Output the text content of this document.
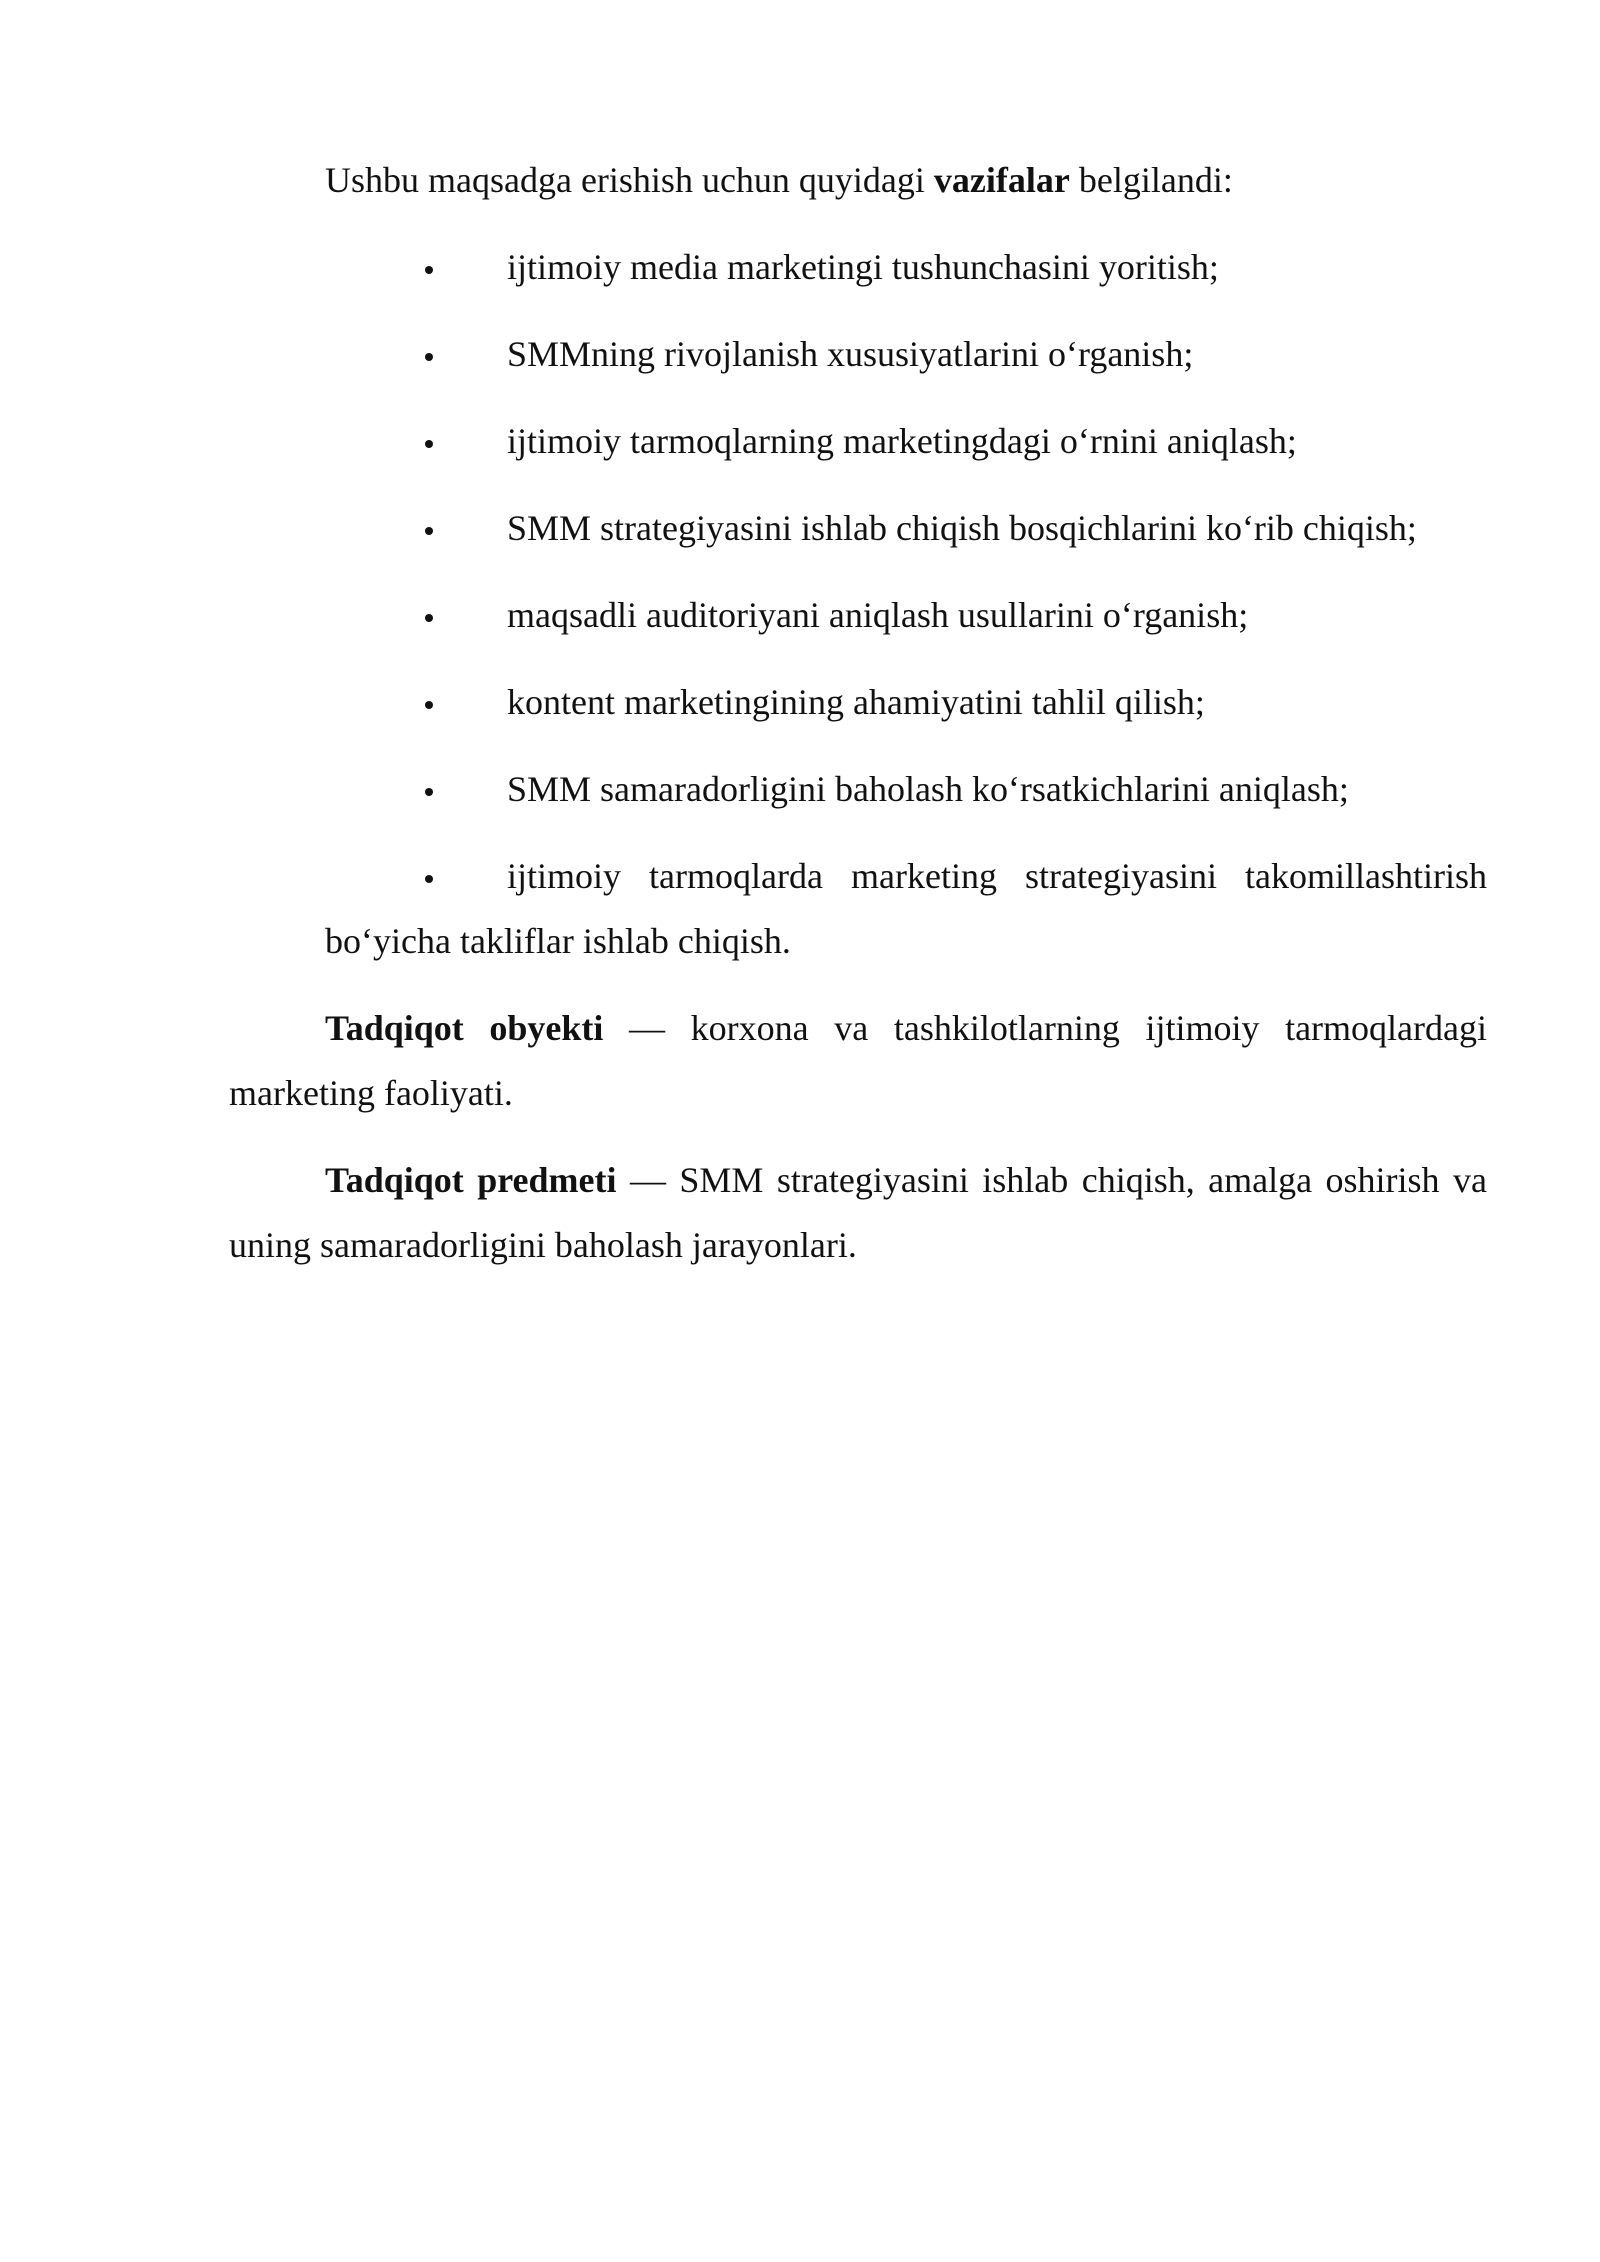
Ushbu maqsadga erishish uchun quyidagi vazifalar belgilandi:

ijtimoiy media marketingi tushunchasini yoritish;
SMMning rivojlanish xususiyatlarini o‘rganish;
ijtimoiy tarmoqlarning marketingdagi o‘rnini aniqlash;
SMM strategiyasini ishlab chiqish bosqichlarini ko‘rib chiqish;
maqsadli auditoriyani aniqlash usullarini o‘rganish;
kontent marketingining ahamiyatini tahlil qilish;
SMM samaradorligini baholash ko‘rsatkichlarini aniqlash;
ijtimoiy tarmoqlarda marketing strategiyasini takomillashtirish
bo‘yicha takliflar ishlab chiqish.
Tadqiqot obyekti — korxona va tashkilotlarning ijtimoiy tarmoqlardagi
marketing faoliyati.
Tadqiqot predmeti — SMM strategiyasini ishlab chiqish, amalga oshirish va
uning samaradorligini baholash jarayonlari.
